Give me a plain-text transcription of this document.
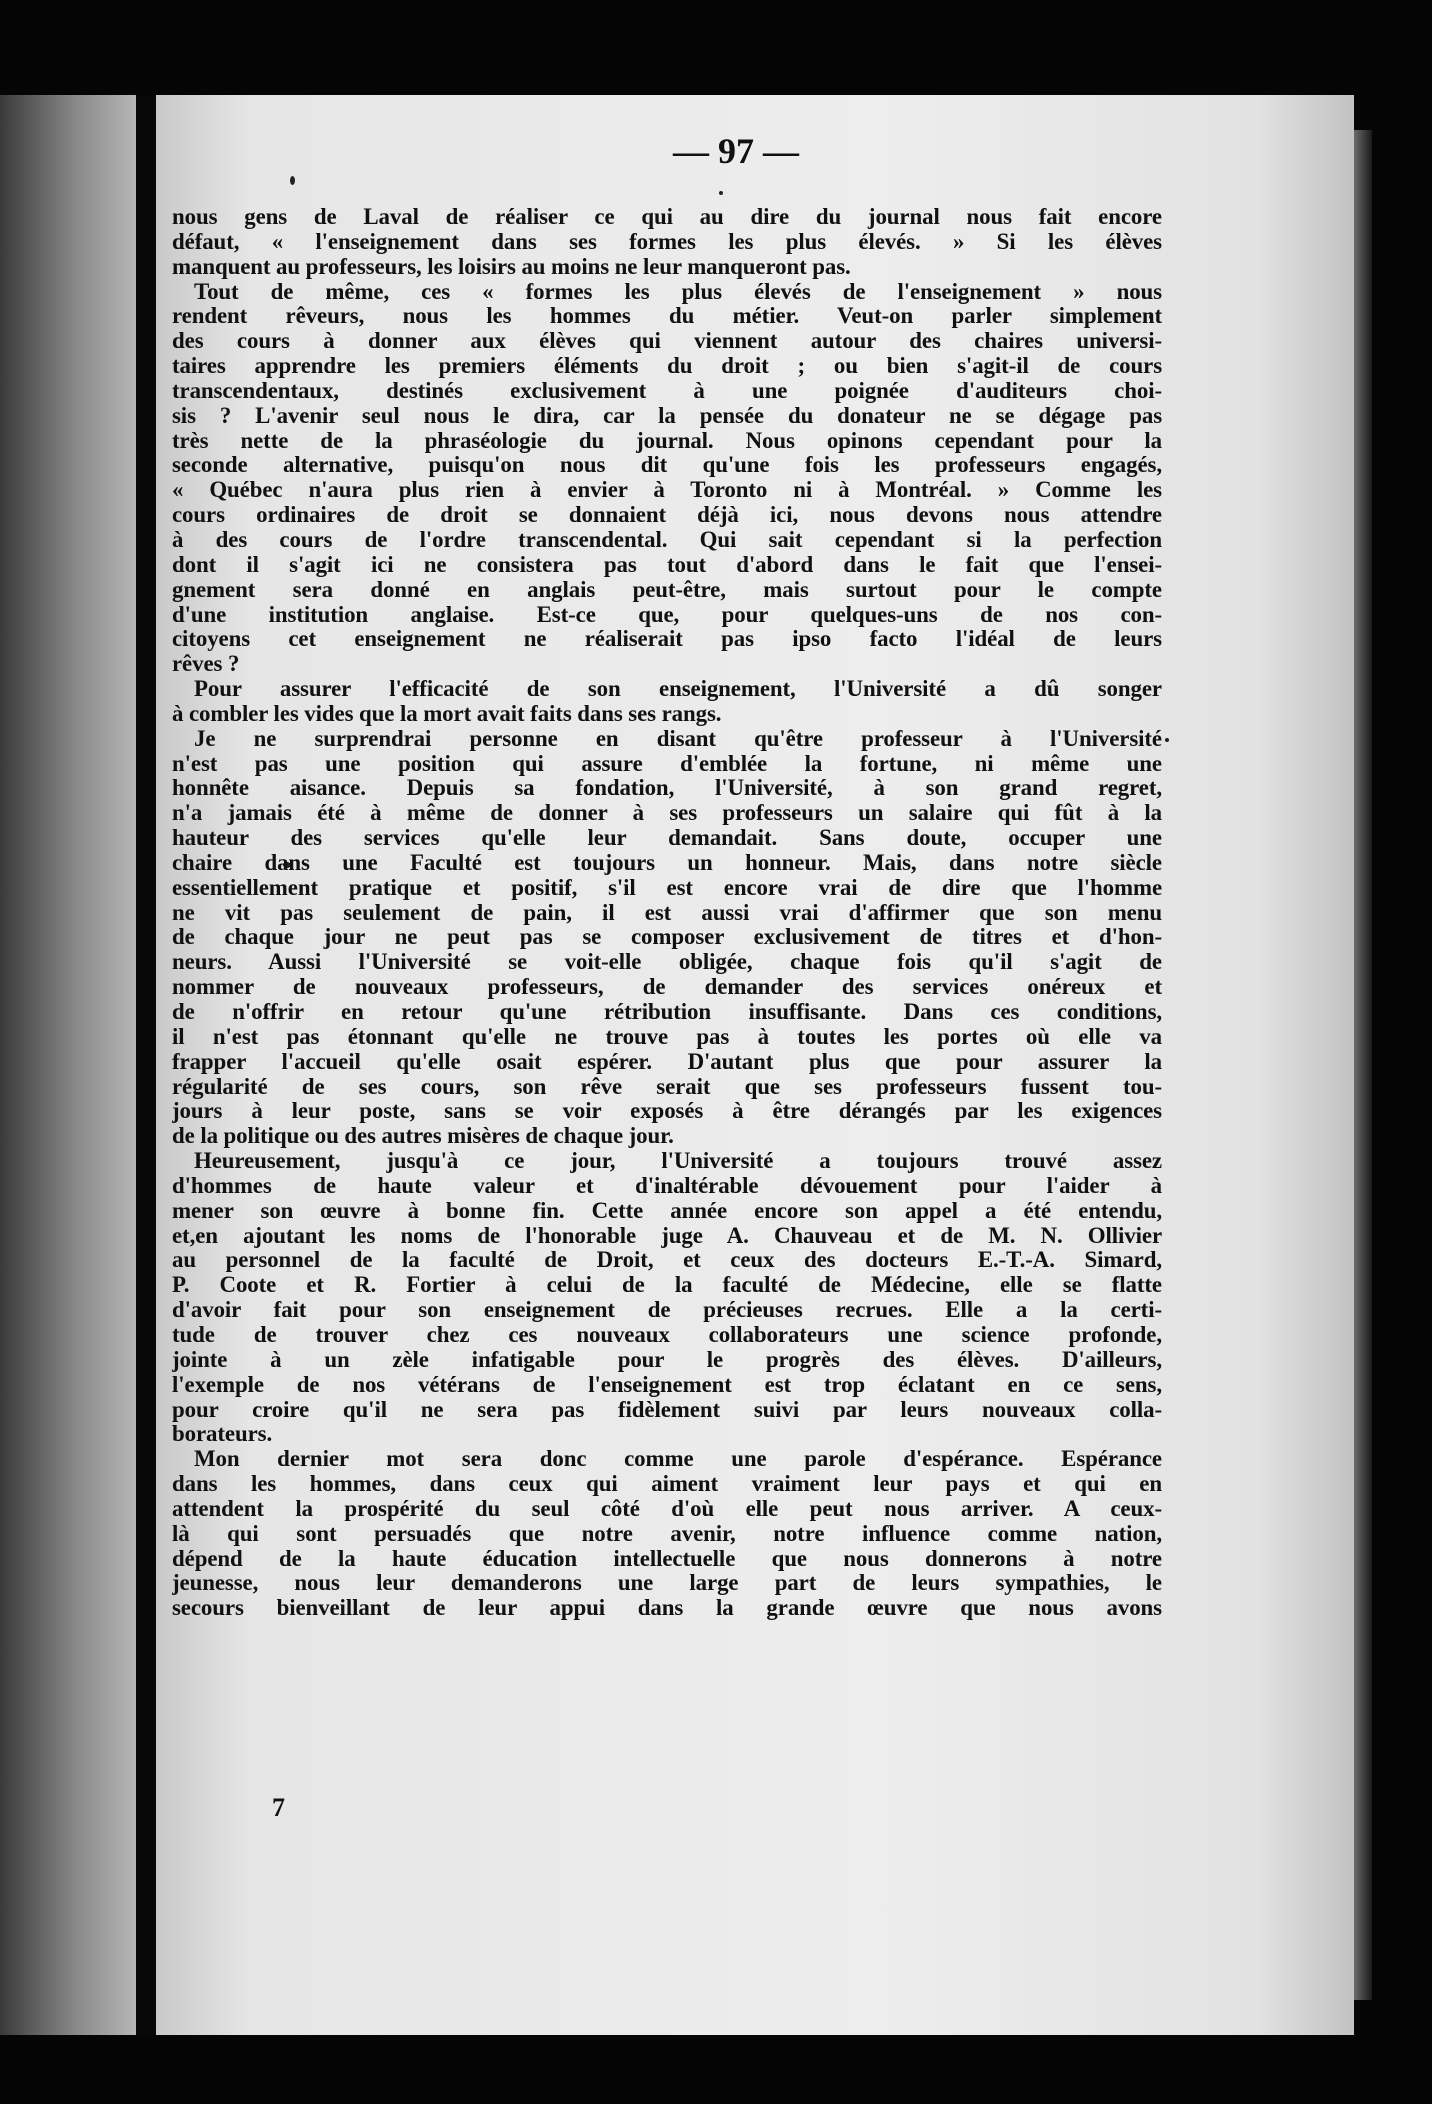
— 97 —
nous gens de Laval de réaliser ce qui au dire du journal nous fait encore
défaut, « l'enseignement dans ses formes les plus élevés. » Si les élèves
manquent au professeurs, les loisirs au moins ne leur manqueront pas.
Tout de même, ces « formes les plus élevés de l'enseignement » nous
rendent rêveurs, nous les hommes du métier. Veut-on parler simplement
des cours à donner aux élèves qui viennent autour des chaires universi-
taires apprendre les premiers éléments du droit ; ou bien s'agit-il de cours
transcendentaux, destinés exclusivement à une poignée d'auditeurs choi-
sis ? L'avenir seul nous le dira, car la pensée du donateur ne se dégage pas
très nette de la phraséologie du journal. Nous opinons cependant pour la
seconde alternative, puisqu'on nous dit qu'une fois les professeurs engagés,
« Québec n'aura plus rien à envier à Toronto ni à Montréal. » Comme les
cours ordinaires de droit se donnaient déjà ici, nous devons nous attendre
à des cours de l'ordre transcendental. Qui sait cependant si la perfection
dont il s'agit ici ne consistera pas tout d'abord dans le fait que l'ensei-
gnement sera donné en anglais peut-être, mais surtout pour le compte
d'une institution anglaise. Est-ce que, pour quelques-uns de nos con-
citoyens cet enseignement ne réaliserait pas ipso facto l'idéal de leurs
rêves ?
Pour assurer l'efficacité de son enseignement, l'Université a dû songer
à combler les vides que la mort avait faits dans ses rangs.
Je ne surprendrai personne en disant qu'être professeur à l'Université
n'est pas une position qui assure d'emblée la fortune, ni même une
honnête aisance. Depuis sa fondation, l'Université, à son grand regret,
n'a jamais été à même de donner à ses professeurs un salaire qui fût à la
hauteur des services qu'elle leur demandait. Sans doute, occuper une
chaire dans une Faculté est toujours un honneur. Mais, dans notre siècle
essentiellement pratique et positif, s'il est encore vrai de dire que l'homme
ne vit pas seulement de pain, il est aussi vrai d'affirmer que son menu
de chaque jour ne peut pas se composer exclusivement de titres et d'hon-
neurs. Aussi l'Université se voit-elle obligée, chaque fois qu'il s'agit de
nommer de nouveaux professeurs, de demander des services onéreux et
de n'offrir en retour qu'une rétribution insuffisante. Dans ces conditions,
il n'est pas étonnant qu'elle ne trouve pas à toutes les portes où elle va
frapper l'accueil qu'elle osait espérer. D'autant plus que pour assurer la
régularité de ses cours, son rêve serait que ses professeurs fussent tou-
jours à leur poste, sans se voir exposés à être dérangés par les exigences
de la politique ou des autres misères de chaque jour.
Heureusement, jusqu'à ce jour, l'Université a toujours trouvé assez
d'hommes de haute valeur et d'inaltérable dévouement pour l'aider à
mener son œuvre à bonne fin. Cette année encore son appel a été entendu,
et,en ajoutant les noms de l'honorable juge A. Chauveau et de M. N. Ollivier
au personnel de la faculté de Droit, et ceux des docteurs E.-T.-A. Simard,
P. Coote et R. Fortier à celui de la faculté de Médecine, elle se flatte
d'avoir fait pour son enseignement de précieuses recrues. Elle a la certi-
tude de trouver chez ces nouveaux collaborateurs une science profonde,
jointe à un zèle infatigable pour le progrès des élèves. D'ailleurs,
l'exemple de nos vétérans de l'enseignement est trop éclatant en ce sens,
pour croire qu'il ne sera pas fidèlement suivi par leurs nouveaux colla-
borateurs.
Mon dernier mot sera donc comme une parole d'espérance. Espérance
dans les hommes, dans ceux qui aiment vraiment leur pays et qui en
attendent la prospérité du seul côté d'où elle peut nous arriver. A ceux-
là qui sont persuadés que notre avenir, notre influence comme nation,
dépend de la haute éducation intellectuelle que nous donnerons à notre
jeunesse, nous leur demanderons une large part de leurs sympathies, le
secours bienveillant de leur appui dans la grande œuvre que nous avons
7
